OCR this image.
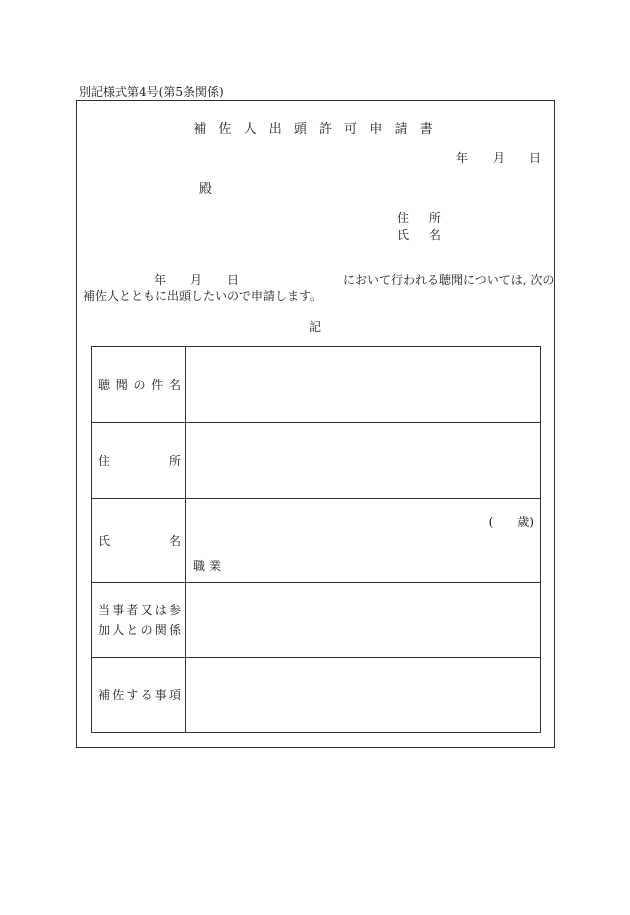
別記様式第4号(第5条関係)
補 佐 人 出 頭 許 可 申 請 書
年 月 日
殿
住 所
氏 名
年 月 日	において行われる聴聞については, 次の
補佐人とともに出頭したいので申請します。
記
聴聞の件名	

住所	

氏名	(　　歳)
職業

当事者又は参
加人との関係	

補佐する事項	
